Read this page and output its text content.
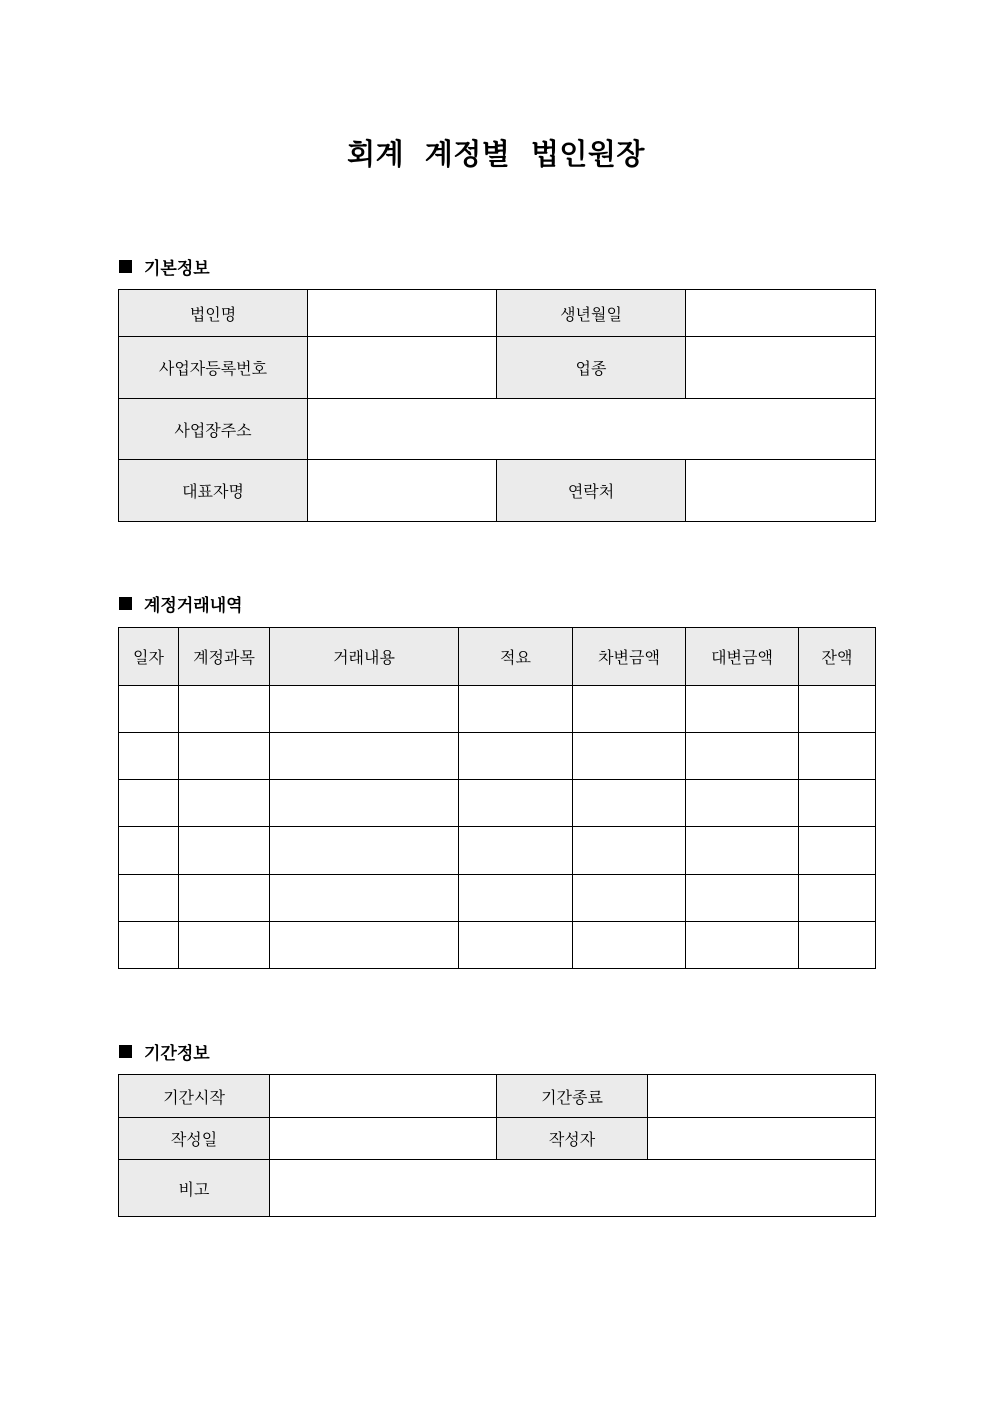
회계 계정별 법인원장
기본정보
법인명		생년월일	
사업자등록번호		업종	
사업장주소			
대표자명		연락처	
계정거래내역
일자	계정과목	거래내용	적요	차변금액	대변금액	잔액

기간정보
기간시작		기간종료	
작성일		작성자	
비고			
